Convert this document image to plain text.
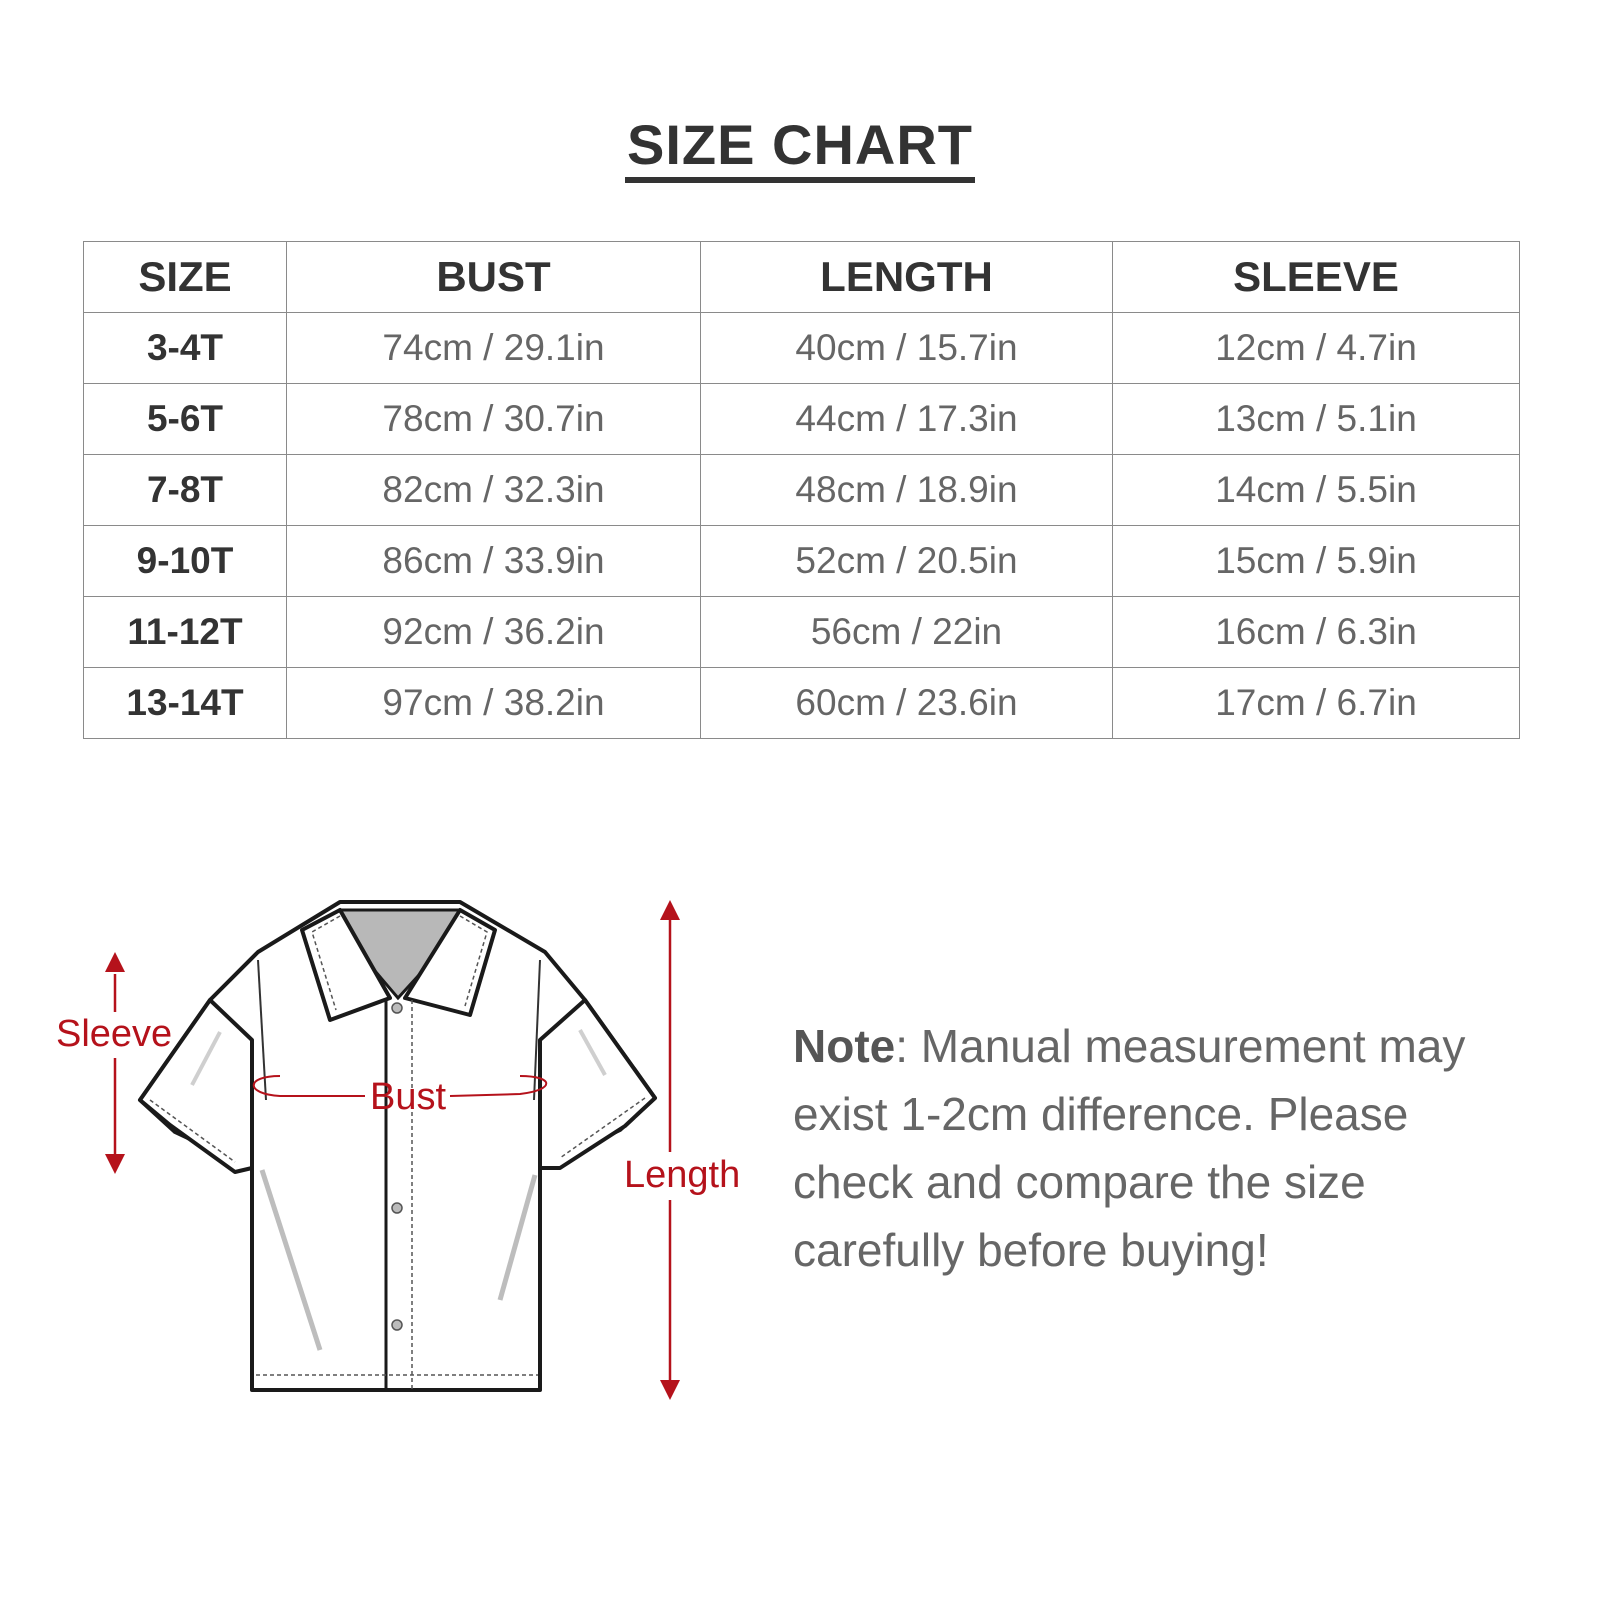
SIZE CHART
SIZE	BUST	LENGTH	SLEEVE
3-4T	74cm / 29.1in	40cm / 15.7in	12cm / 4.7in
5-6T	78cm / 30.7in	44cm / 17.3in	13cm / 5.1in
7-8T	82cm / 32.3in	48cm / 18.9in	14cm / 5.5in
9-10T	86cm / 33.9in	52cm / 20.5in	15cm / 5.9in
11-12T	92cm / 36.2in	56cm / 22in	16cm / 6.3in
13-14T	97cm / 38.2in	60cm / 23.6in	17cm / 6.7in
Sleeve
Bust
Length
Note: Manual measurement may exist 1-2cm difference. Please check and compare the size carefully before buying!
